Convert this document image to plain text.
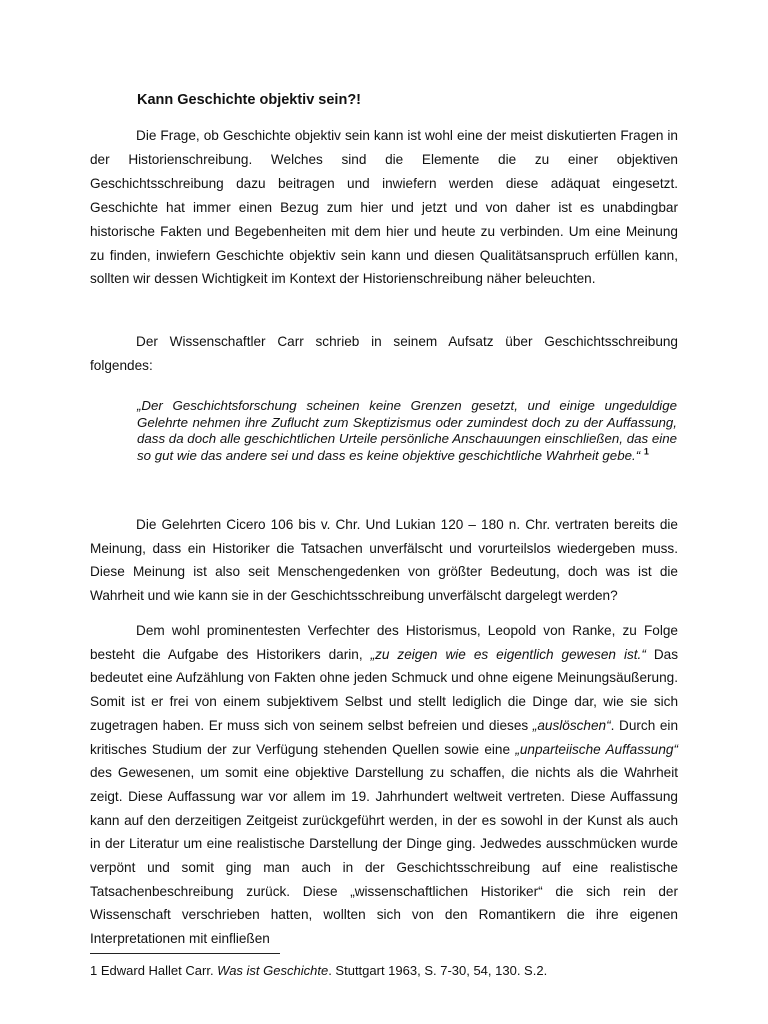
Kann Geschichte objektiv sein?!

Die Frage, ob Geschichte objektiv sein kann ist wohl eine der meist diskutierten Fragen in der Historienschreibung. Welches sind die Elemente die zu einer objektiven Geschichtsschreibung dazu beitragen und inwiefern werden diese adäquat eingesetzt. Geschichte hat immer einen Bezug zum hier und jetzt und von daher ist es unabdingbar historische Fakten und Begebenheiten mit dem hier und heute zu verbinden. Um eine Meinung zu finden, inwiefern Geschichte objektiv sein kann und diesen Qualitätsanspruch erfüllen kann, sollten wir dessen Wichtigkeit im Kontext der Historienschreibung näher beleuchten.

Der Wissenschaftler Carr schrieb in seinem Aufsatz über Geschichtsschreibung folgendes:

„Der Geschichtsforschung scheinen keine Grenzen gesetzt, und einige ungeduldige Gelehrte nehmen ihre Zuflucht zum Skeptizismus oder zumindest doch zu der Auffassung, dass da doch alle geschichtlichen Urteile persönliche Anschauungen einschließen, das eine so gut wie das andere sei und dass es keine objektive geschichtliche Wahrheit gebe.“ $^1$

Die Gelehrten Cicero 106 bis v. Chr. Und Lukian 120 – 180 n. Chr. vertraten bereits die Meinung, dass ein Historiker die Tatsachen unverfälscht und vorurteilslos wiedergeben muss. Diese Meinung ist also seit Menschengedenken von größter Bedeutung, doch was ist die Wahrheit und wie kann sie in der Geschichtsschreibung unverfälscht dargelegt werden?

Dem wohl prominentesten Verfechter des Historismus, Leopold von Ranke, zu Folge besteht die Aufgabe des Historikers darin, „zu zeigen wie es eigentlich gewesen ist.“ Das bedeutet eine Aufzählung von Fakten ohne jeden Schmuck und ohne eigene Meinungsäußerung. Somit ist er frei von einem subjektivem Selbst und stellt lediglich die Dinge dar, wie sie sich zugetragen haben. Er muss sich von seinem selbst befreien und dieses „auslöschen“. Durch ein kritisches Studium der zur Verfügung stehenden Quellen sowie eine „unparteiische Auffassung“ des Gewesenen, um somit eine objektive Darstellung zu schaffen, die nichts als die Wahrheit zeigt. Diese Auffassung war vor allem im 19. Jahrhundert weltweit vertreten. Diese Auffassung kann auf den derzeitigen Zeitgeist zurückgeführt werden, in der es sowohl in der Kunst als auch in der Literatur um eine realistische Darstellung der Dinge ging. Jedwedes ausschmücken wurde verpönt und somit ging man auch in der Geschichtsschreibung auf eine realistische Tatsachenbeschreibung zurück. Diese „wissenschaftlichen Historiker“ die sich rein der Wissenschaft verschrieben hatten, wollten sich von den Romantikern die ihre eigenen Interpretationen mit einfließen

1 Edward Hallet Carr. Was ist Geschichte. Stuttgart 1963, S. 7-30, 54, 130. S.2.
